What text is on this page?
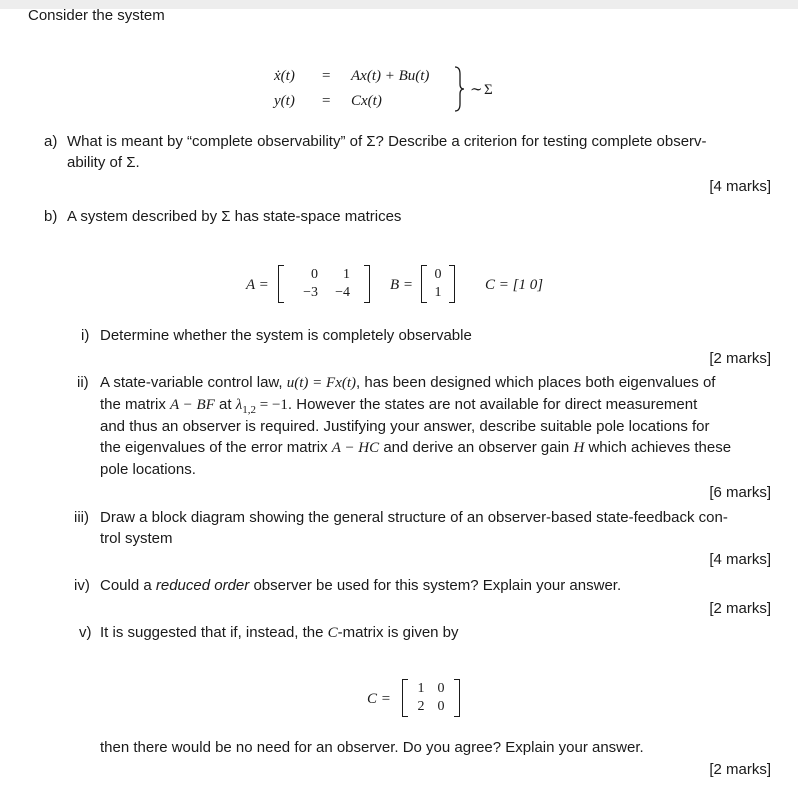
Consider the system
ẋ(t) = Ax(t) + Bu(t)
y(t) = Cx(t)
∼ Σ
a) What is meant by “complete observability” of Σ? Describe a criterion for testing complete observ-
ability of Σ.
[4 marks]
b) A system described by Σ has state-space matrices
A =
0	1
−3	−4	B =
0
1	C = [1 0]
i) Determine whether the system is completely observable
[2 marks]
ii) A state-variable control law, u(t) = Fx(t), has been designed which places both eigenvalues of
the matrix A − BF at $\lambda_{1,2} = -1$. However the states are not available for direct measurement
and thus an observer is required. Justifying your answer, describe suitable pole locations for
the eigenvalues of the error matrix A − HC and derive an observer gain H which achieves these
pole locations.
[6 marks]
iii) Draw a block diagram showing the general structure of an observer-based state-feedback con-
trol system
[4 marks]
iv) Could a reduced order observer be used for this system? Explain your answer.
[2 marks]
v) It is suggested that if, instead, the C-matrix is given by
C =
1 0
2 0
then there would be no need for an observer. Do you agree? Explain your answer.
[2 marks]
